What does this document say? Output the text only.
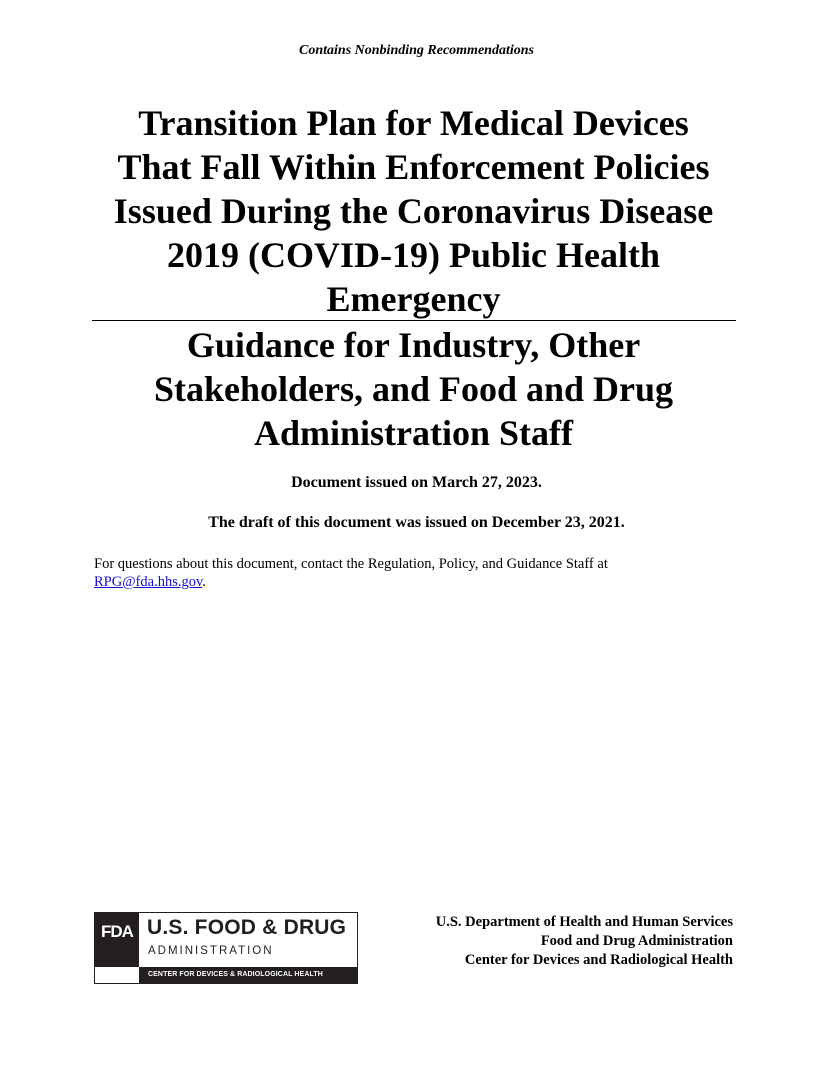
Contains Nonbinding Recommendations
Transition Plan for Medical Devices
That Fall Within Enforcement Policies
Issued During the Coronavirus Disease
2019 (COVID-19) Public Health
Emergency
Guidance for Industry, Other
Stakeholders, and Food and Drug
Administration Staff
Document issued on March 27, 2023.
The draft of this document was issued on December 23, 2021.
For questions about this document, contact the Regulation, Policy, and Guidance Staff at
RPG@fda.hhs.gov.
FDA U.S. FOOD & DRUG
ADMINISTRATION
CENTER FOR DEVICES & RADIOLOGICAL HEALTH
U.S. Department of Health and Human Services
Food and Drug Administration
Center for Devices and Radiological Health
